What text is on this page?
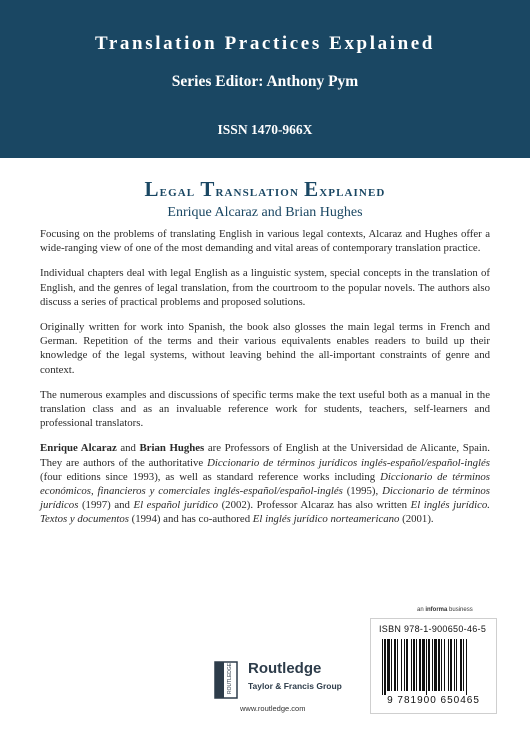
Translation Practices Explained
Series Editor: Anthony Pym
ISSN 1470-966X
Legal Translation Explained
Enrique Alcaraz and Brian Hughes

Focusing on the problems of translating English in various legal contexts, Alcaraz and Hughes offer a wide-ranging view of one of the most demanding and vital areas of contemporary translation practice.

Individual chapters deal with legal English as a linguistic system, special concepts in the translation of English, and the genres of legal translation, from the courtroom to the popular novels. The authors also discuss a series of practical problems and proposed solutions.

Originally written for work into Spanish, the book also glosses the main legal terms in French and German. Repetition of the terms and their various equivalents enables readers to build up their knowledge of the legal systems, without leaving behind the all-important constraints of genre and context.

The numerous examples and discussions of specific terms make the text useful both as a manual in the translation class and as an invaluable reference work for students, teachers, self-learners and professional translators.

Enrique Alcaraz and Brian Hughes are Professors of English at the Universidad de Alicante, Spain. They are authors of the authoritative Diccionario de términos jurídicos inglés-español/español-inglés (four editions since 1993), as well as standard reference works including Diccionario de términos económicos, financieros y comerciales inglés-español/español-inglés (1995), Diccionario de términos jurídicos (1997) and El español jurídico (2002). Professor Alcaraz has also written El inglés jurídico. Textos y documentos (1994) and has co-authored El inglés jurídico norteamericano (2001).

an informa business
ISBN 978-1-900650-46-5
9 781900 650465
ROUTLEDGE Routledge
Taylor & Francis Group
www.routledge.com
